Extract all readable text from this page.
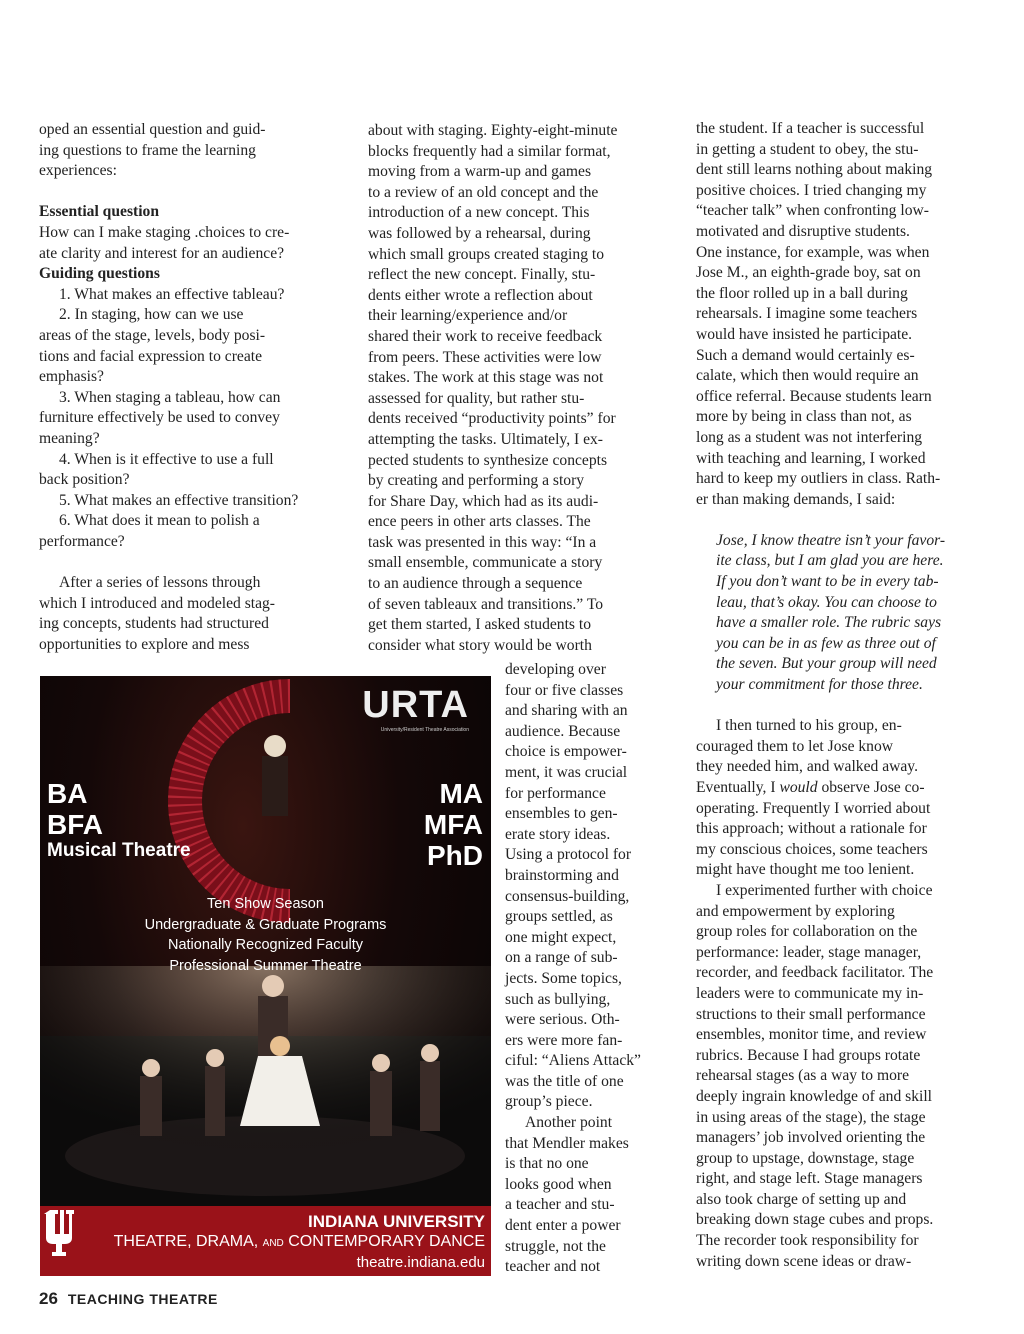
oped an essential question and guid-

ing questions to frame the learning

experiences:

Essential question

How can I make staging .choices to cre-

ate clarity and interest for an audience?

Guiding questions

1. What makes an effective tableau?

2. In staging, how can we use

areas of the stage, levels, body posi-

tions and facial expression to create

emphasis?

3. When staging a tableau, how can

furniture effectively be used to convey

meaning?

4. When is it effective to use a full

back position?

5. What makes an effective transition?

6. What does it mean to polish a

performance?

After a series of lessons through

which I introduced and modeled stag-

ing concepts, students had structured

opportunities to explore and mess

about with staging. Eighty-eight-minute

blocks frequently had a similar format,

moving from a warm-up and games

to a review of an old concept and the

introduction of a new concept. This

was followed by a rehearsal, during

which small groups created staging to

reflect the new concept. Finally, stu-

dents either wrote a reflection about

their learning/experience and/or

shared their work to receive feedback

from peers. These activities were low

stakes. The work at this stage was not

assessed for quality, but rather stu-

dents received “productivity points” for

attempting the tasks. Ultimately, I ex-

pected students to synthesize concepts

by creating and performing a story

for Share Day, which had as its audi-

ence peers in other arts classes. The

task was presented in this way: “In a

small ensemble, communicate a story

to an audience through a sequence

of seven tableaux and transitions.” To

get them started, I asked students to

consider what story would be worth

developing over

four or five classes

and sharing with an

audience. Because

choice is empower-

ment, it was crucial

for performance

ensembles to gen-

erate story ideas.

Using a protocol for

brainstorming and

consensus-building,

groups settled, as

one might expect,

on a range of sub-

jects. Some topics,

such as bullying,

were serious. Oth-

ers were more fan-

ciful: “Aliens Attack”

was the title of one

group’s piece.

Another point

that Mendler makes

is that no one

looks good when

a teacher and stu-

dent enter a power

struggle, not the

teacher and not

the student. If a teacher is successful

in getting a student to obey, the stu-

dent still learns nothing about making

positive choices. I tried changing my

“teacher talk” when confronting low-

motivated and disruptive students.

One instance, for example, was when

Jose M., an eighth-grade boy, sat on

the floor rolled up in a ball during

rehearsals. I imagine some teachers

would have insisted he participate.

Such a demand would certainly es-

calate, which then would require an

office referral. Because students learn

more by being in class than not, as

long as a student was not interfering

with teaching and learning, I worked

hard to keep my outliers in class. Rath-

er than making demands, I said:

Jose, I know theatre isn’t your favor-

ite class, but I am glad you are here.

If you don’t want to be in every tab-

leau, that’s okay. You can choose to

have a smaller role. The rubric says

you can be in as few as three out of

the seven. But your group will need

your commitment for those three.

I then turned to his group, en-

couraged them to let Jose know

they needed him, and walked away.

Eventually, I would observe Jose co-

operating. Frequently I worried about

this approach; without a rationale for

my conscious choices, some teachers

might have thought me too lenient.

I experimented further with choice

and empowerment by exploring

group roles for collaboration on the

performance: leader, stage manager,

recorder, and feedback facilitator. The

leaders were to communicate my in-

structions to their small performance

ensembles, monitor time, and review

rubrics. Because I had groups rotate

rehearsal stages (as a way to more

deeply ingrain knowledge of and skill

in using areas of the stage), the stage

managers’ job involved orienting the

group to upstage, downstage, stage

right, and stage left. Stage managers

also took charge of setting up and

breaking down stage cubes and props.

The recorder took responsibility for

writing down scene ideas or draw-

URTA
University/Resident Theatre Association
BA
BFA
Musical Theatre
MA
MFA
PhD
Ten Show Season
Undergraduate & Graduate Programs
Nationally Recognized Faculty
Professional Summer Theatre
INDIANA UNIVERSITY
THEATRE, DRAMA, AND CONTEMPORARY DANCE
theatre.indiana.edu
26 TEACHING THEATRE
